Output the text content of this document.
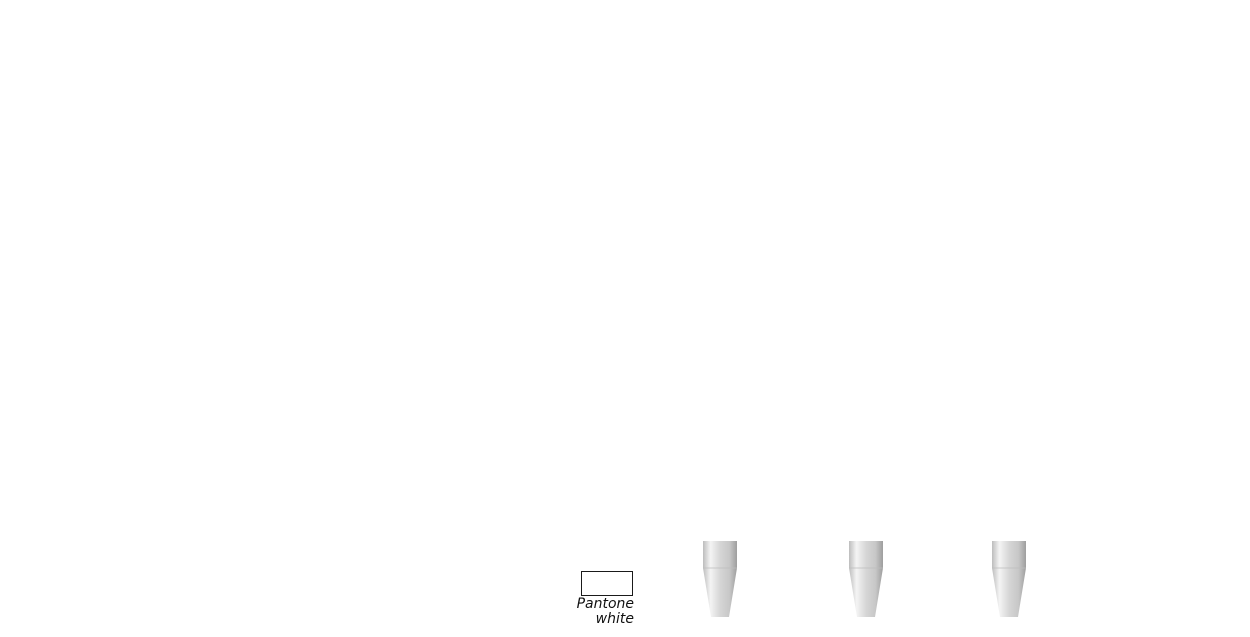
Pantone
white
